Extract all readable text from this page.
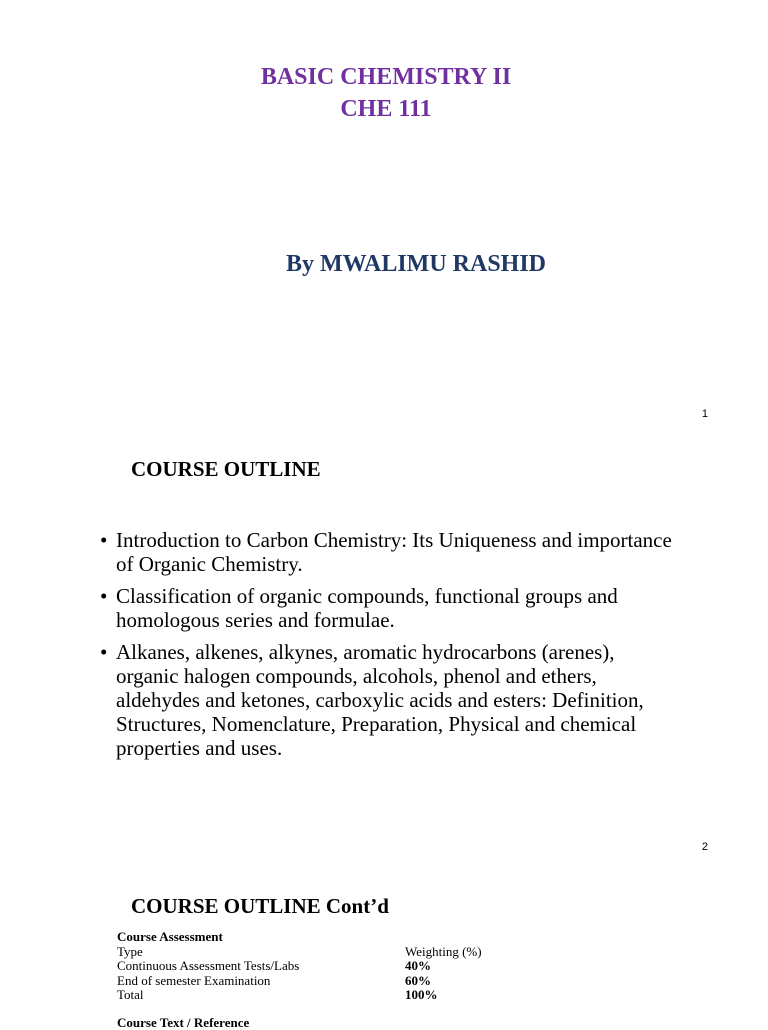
BASIC CHEMISTRY II
CHE 111
By MWALIMU RASHID
1
COURSE OUTLINE
• Introduction to Carbon Chemistry: Its Uniqueness and importance of Organic Chemistry.
• Classification of organic compounds, functional groups and homologous series and formulae.
• Alkanes, alkenes, alkynes, aromatic hydrocarbons (arenes), organic halogen compounds, alcohols, phenol and ethers, aldehydes and ketones, carboxylic acids and esters: Definition, Structures, Nomenclature, Preparation, Physical and chemical properties and uses.
2
COURSE OUTLINE Cont’d
Course Assessment
Type	Weighting (%)
Continuous Assessment Tests/Labs	40%
End of semester Examination	60%
Total	100%
Course Text / Reference
